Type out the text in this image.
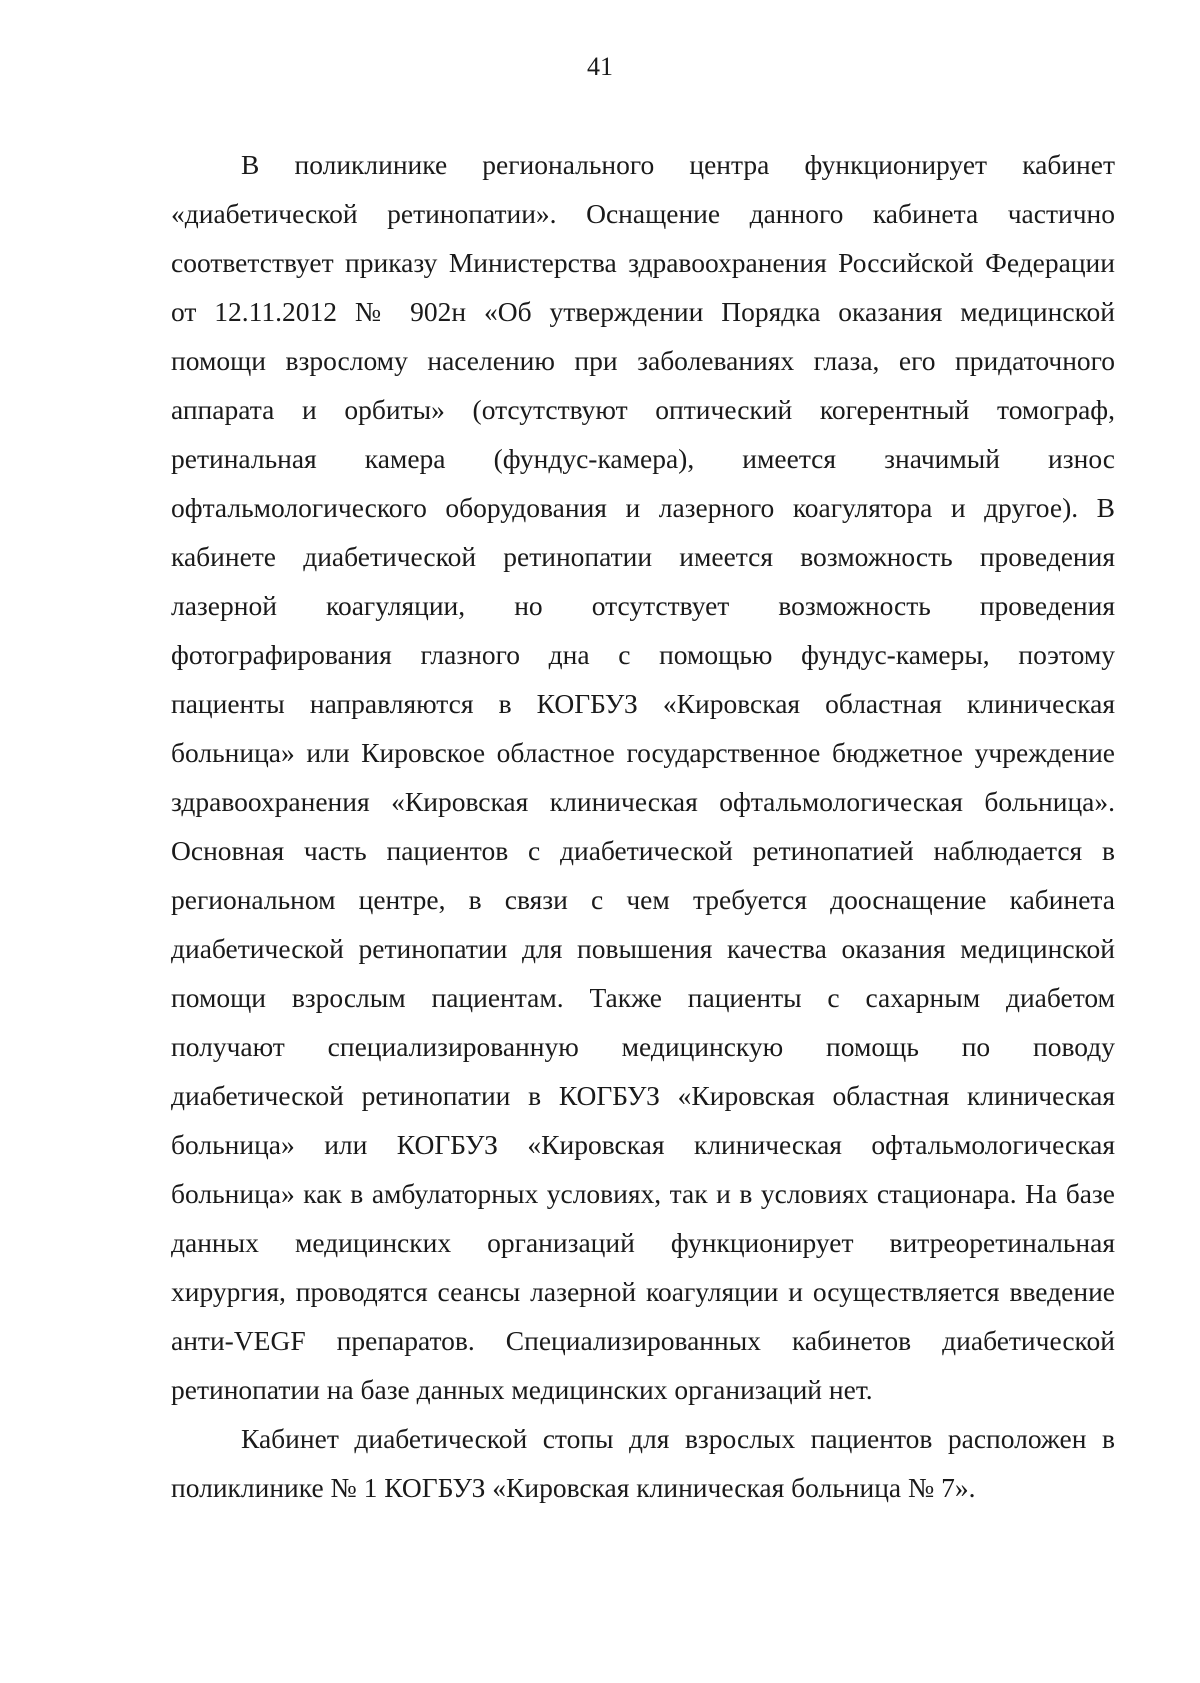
41
В поликлинике регионального центра функционирует кабинет
«диабетической ретинопатии». Оснащение данного кабинета частично
соответствует приказу Министерства здравоохранения Российской Федерации
от 12.11.2012 № 902н «Об утверждении Порядка оказания медицинской
помощи взрослому населению при заболеваниях глаза, его придаточного
аппарата и орбиты» (отсутствуют оптический когерентный томограф,
ретинальная камера (фундус-камера), имеется значимый износ
офтальмологического оборудования и лазерного коагулятора и другое). В
кабинете диабетической ретинопатии имеется возможность проведения
лазерной коагуляции, но отсутствует возможность проведения
фотографирования глазного дна с помощью фундус-камеры, поэтому
пациенты направляются в КОГБУЗ «Кировская областная клиническая
больница» или Кировское областное государственное бюджетное учреждение
здравоохранения «Кировская клиническая офтальмологическая больница».
Основная часть пациентов с диабетической ретинопатией наблюдается в
региональном центре, в связи с чем требуется дооснащение кабинета
диабетической ретинопатии для повышения качества оказания медицинской
помощи взрослым пациентам. Также пациенты с сахарным диабетом
получают специализированную медицинскую помощь по поводу
диабетической ретинопатии в КОГБУЗ «Кировская областная клиническая
больница» или КОГБУЗ «Кировская клиническая офтальмологическая
больница» как в амбулаторных условиях, так и в условиях стационара. На базе
данных медицинских организаций функционирует витреоретинальная
хирургия, проводятся сеансы лазерной коагуляции и осуществляется введение
анти-VEGF препаратов. Специализированных кабинетов диабетической
ретинопатии на базе данных медицинских организаций нет.
Кабинет диабетической стопы для взрослых пациентов расположен в
поликлинике № 1 КОГБУЗ «Кировская клиническая больница № 7».
